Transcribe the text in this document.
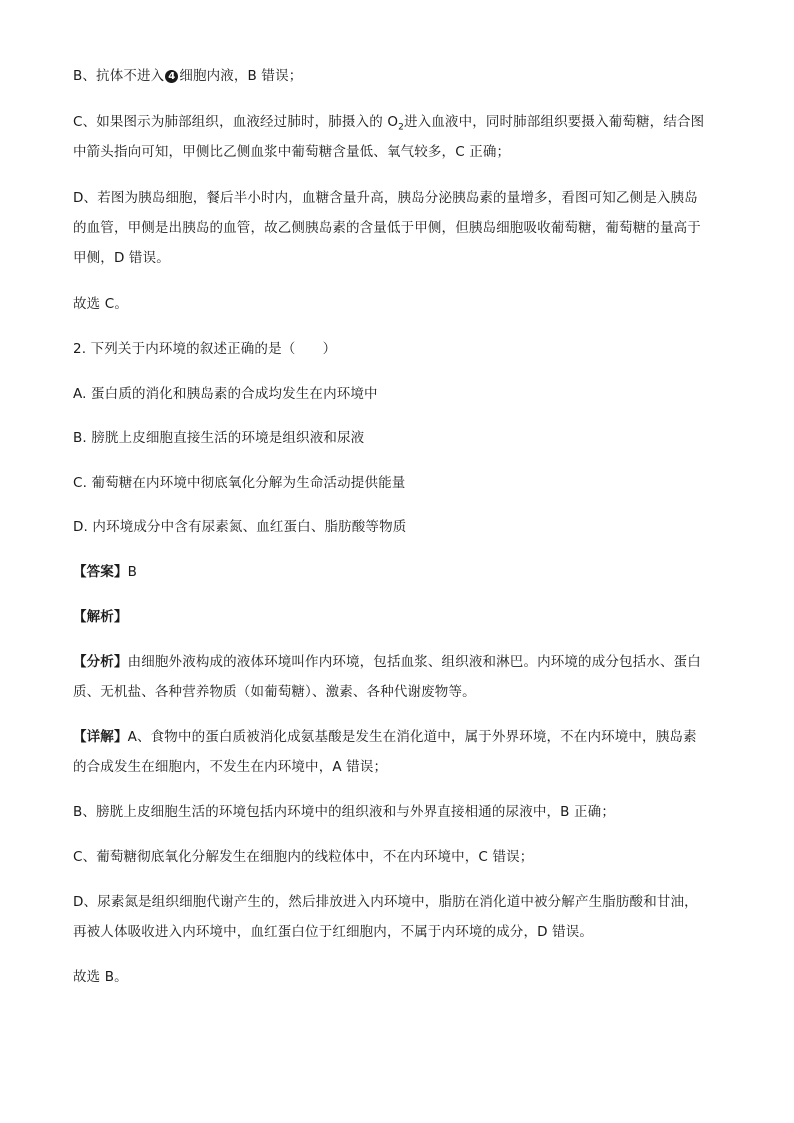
B、抗体不进入 4 细胞内液，B 错误；
C、如果图示为肺部组织，血液经过肺时，肺摄入的 $O_2$进入血液中，同时肺部组织要摄入葡萄糖，结合图
中箭头指向可知，甲侧比乙侧血浆中葡萄糖含量低、氧气较多，C 正确；
D、若图为胰岛细胞，餐后半小时内，血糖含量升高，胰岛分泌胰岛素的量增多，看图可知乙侧是入胰岛
的血管，甲侧是出胰岛的血管，故乙侧胰岛素的含量低于甲侧，但胰岛细胞吸收葡萄糖，葡萄糖的量高于
甲侧，D 错误。
故选 C。
2. 下列关于内环境的叙述正确的是（　　）
A. 蛋白质的消化和胰岛素的合成均发生在内环境中
B. 膀胱上皮细胞直接生活的环境是组织液和尿液
C. 葡萄糖在内环境中彻底氧化分解为生命活动提供能量
D. 内环境成分中含有尿素氮、血红蛋白、脂肪酸等物质
【答案】B
【解析】
【分析】由细胞外液构成的液体环境叫作内环境，包括血浆、组织液和淋巴。内环境的成分包括水、蛋白
质、无机盐、各种营养物质（如葡萄糖）、激素、各种代谢废物等。
【详解】A、食物中的蛋白质被消化成氨基酸是发生在消化道中，属于外界环境，不在内环境中，胰岛素
的合成发生在细胞内，不发生在内环境中，A 错误；
B、膀胱上皮细胞生活的环境包括内环境中的组织液和与外界直接相通的尿液中，B 正确；
C、葡萄糖彻底氧化分解发生在细胞内的线粒体中，不在内环境中，C 错误；
D、尿素氮是组织细胞代谢产生的，然后排放进入内环境中，脂肪在消化道中被分解产生脂肪酸和甘油，
再被人体吸收进入内环境中，血红蛋白位于红细胞内，不属于内环境的成分，D 错误。
故选 B。
